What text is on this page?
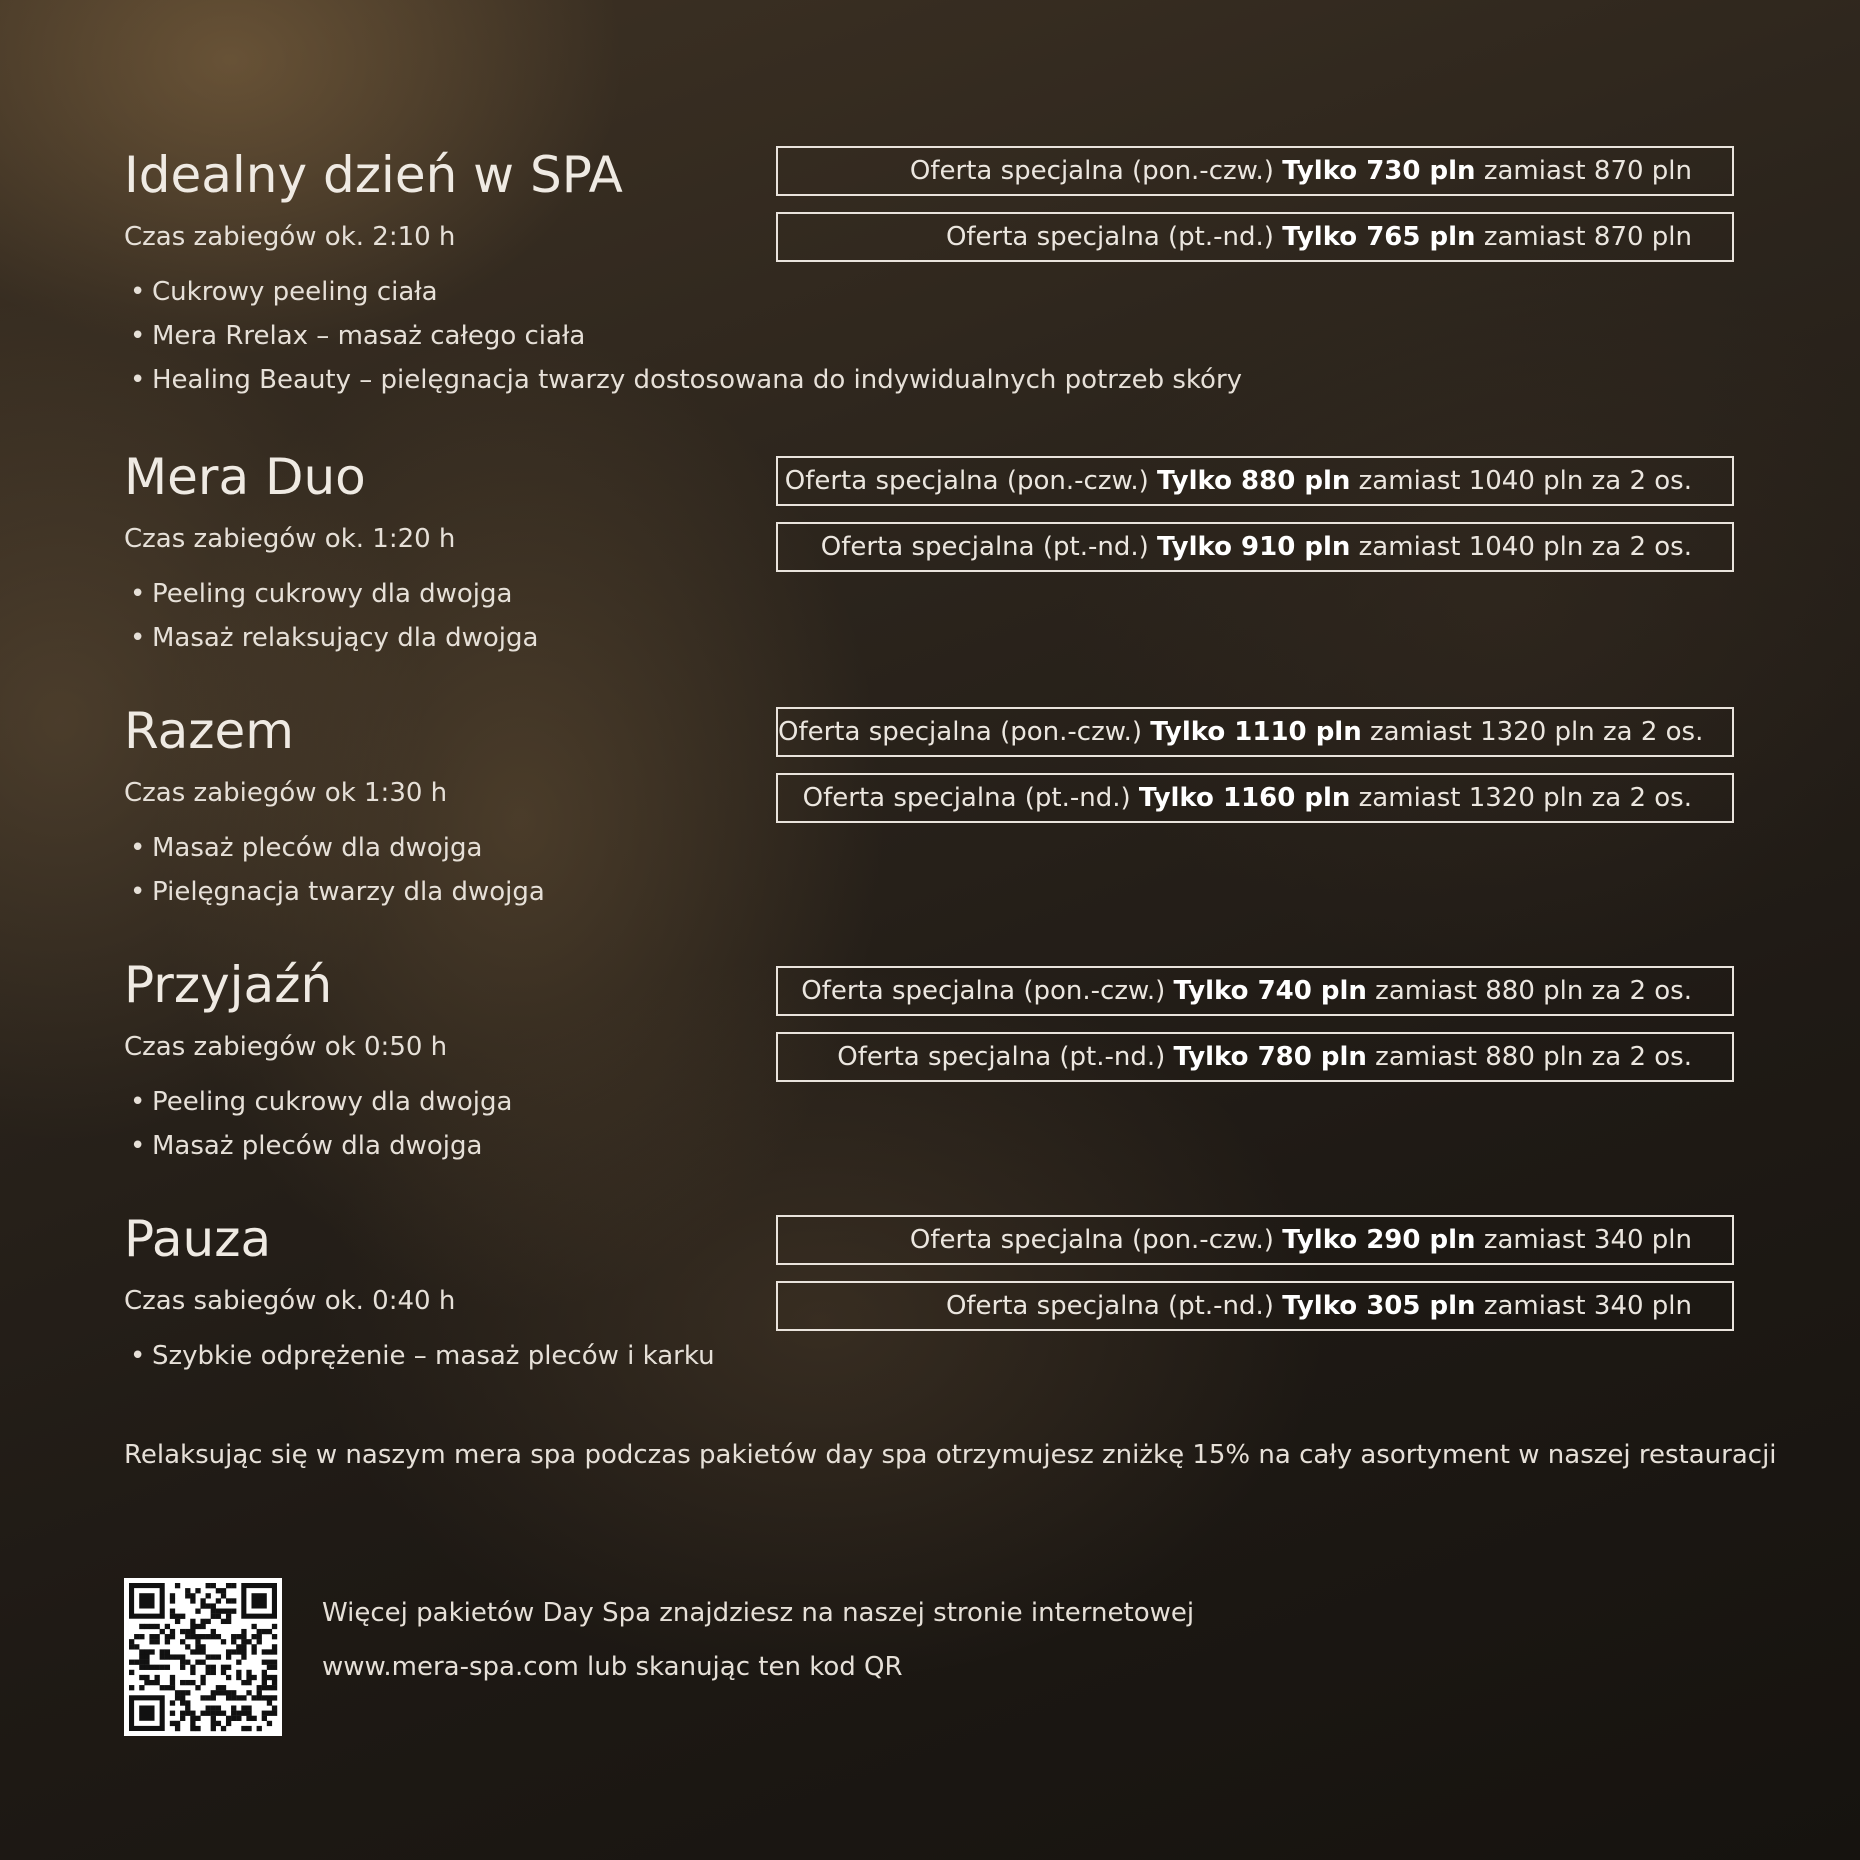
Idealny dzień w SPA
Czas zabiegów ok. 2:10 h
• Cukrowy peeling ciała
• Mera Rrelax – masaż całego ciała
• Healing Beauty – pielęgnacja twarzy dostosowana do indywidualnych potrzeb skóry
Oferta specjalna (pon.-czw.) Tylko 730 pln zamiast 870 pln
Oferta specjalna (pt.-nd.) Tylko 765 pln zamiast 870 pln
Mera Duo
Czas zabiegów ok. 1:20 h
• Peeling cukrowy dla dwojga
• Masaż relaksujący dla dwojga
Oferta specjalna (pon.-czw.) Tylko 880 pln zamiast 1040 pln za 2 os.
Oferta specjalna (pt.-nd.) Tylko 910 pln zamiast 1040 pln za 2 os.
Razem
Czas zabiegów ok 1:30 h
• Masaż pleców dla dwojga
• Pielęgnacja twarzy dla dwojga
Oferta specjalna (pon.-czw.) Tylko 1110 pln zamiast 1320 pln za 2 os.
Oferta specjalna (pt.-nd.) Tylko 1160 pln zamiast 1320 pln za 2 os.
Przyjaźń
Czas zabiegów ok 0:50 h
• Peeling cukrowy dla dwojga
• Masaż pleców dla dwojga
Oferta specjalna (pon.-czw.) Tylko 740 pln zamiast 880 pln za 2 os.
Oferta specjalna (pt.-nd.) Tylko 780 pln zamiast 880 pln za 2 os.
Pauza
Czas sabiegów ok. 0:40 h
• Szybkie odprężenie – masaż pleców i karku
Oferta specjalna (pon.-czw.) Tylko 290 pln zamiast 340 pln
Oferta specjalna (pt.-nd.) Tylko 305 pln zamiast 340 pln
Relaksując się w naszym mera spa podczas pakietów day spa otrzymujesz zniżkę 15% na cały asortyment w naszej restauracji
Więcej pakietów Day Spa znajdziesz na naszej stronie internetowej
www.mera-spa.com lub skanując ten kod QR
